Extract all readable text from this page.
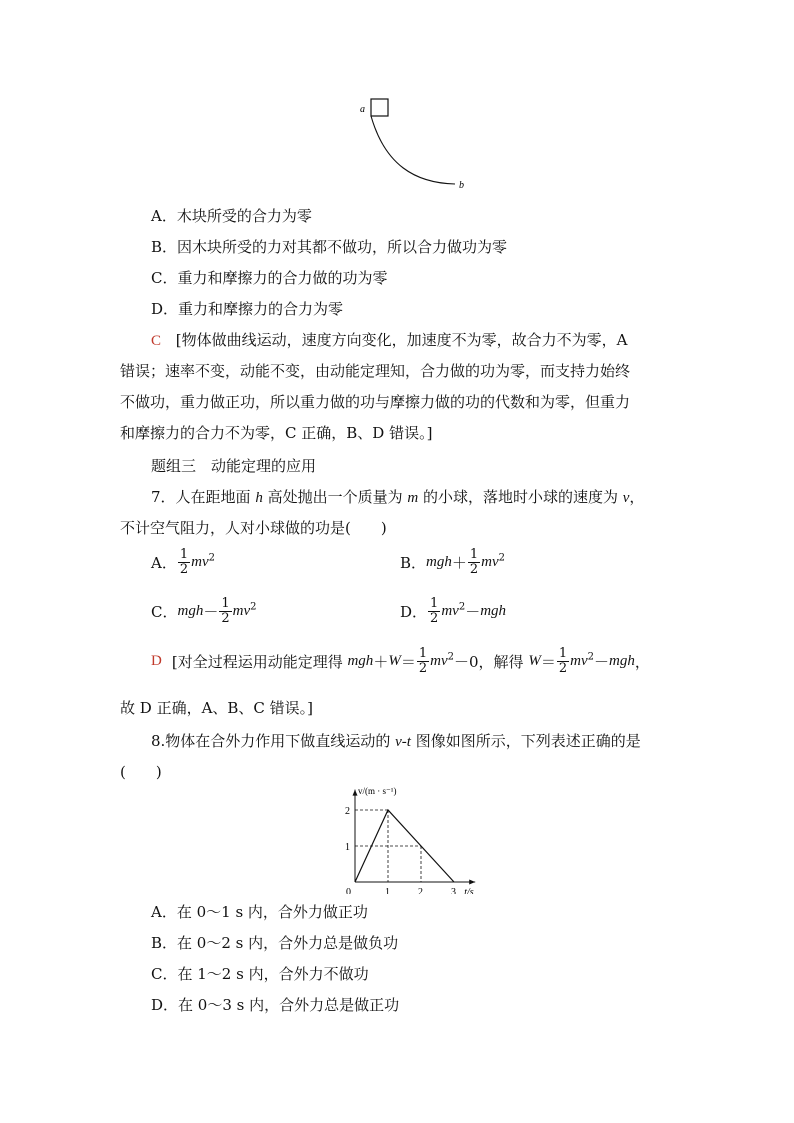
a
b
A．木块所受的合力为零
B．因木块所受的力对其都不做功，所以合力做功为零
C．重力和摩擦力的合力做的功为零
D．重力和摩擦力的合力为零
C [物体做曲线运动，速度方向变化，加速度不为零，故合力不为零，A
错误；速率不变，动能不变，由动能定理知，合力做的功为零，而支持力始终
不做功，重力做正功，所以重力做的功与摩擦力做的功的代数和为零，但重力
和摩擦力的合力不为零，C 正确，B、D 错误。]
题组三　动能定理的应用
7．人在距地面 h 高处抛出一个质量为 m 的小球，落地时小球的速度为 v，
不计空气阻力，人对小球做的功是(　　)
A． $\frac{1}{2} mv^2$	B．$mgh+ \frac{1}{2} mv^2$
C．$mgh- \frac{1}{2} mv^2$	D． $\frac{1}{2} mv^2-mgh$
D [对全过程运用动能定理得 $mgh+W= \frac{1}{2} mv^2-0$，解得 $W= \frac{1}{2} mv^2-mgh$，
故 D 正确，A、B、C 错误。]
8.物体在合外力作用下做直线运动的 v-t 图像如图所示，下列表述正确的是
(　　)
0	1	2	3
1
2
t/s
v/(m · s⁻¹)
A．在 0～1 s 内，合外力做正功
B．在 0～2 s 内，合外力总是做负功
C．在 1～2 s 内，合外力不做功
D．在 0～3 s 内，合外力总是做正功
